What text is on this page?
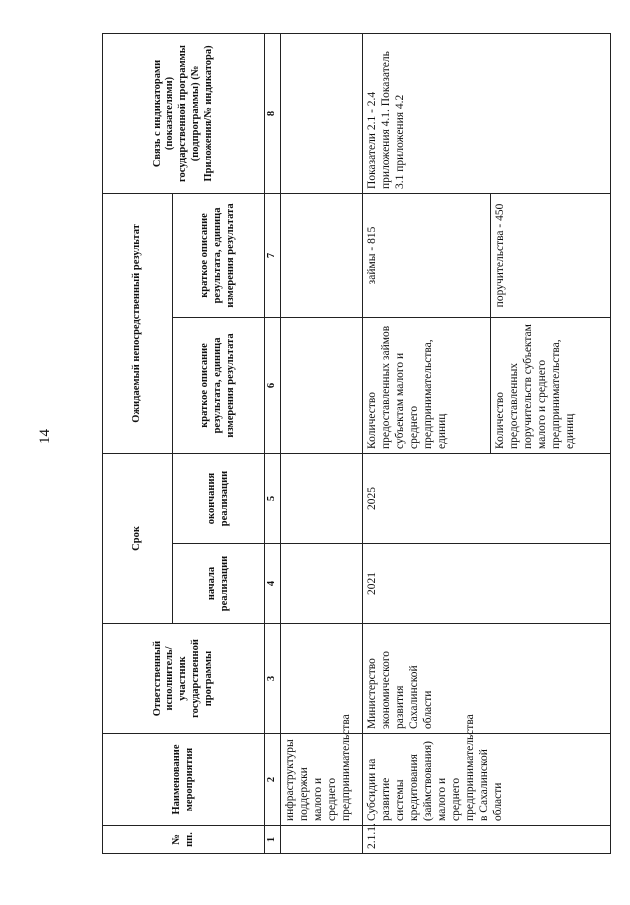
14
№ пп.	Наименование мероприятия	Ответственный исполнитель/участник государственной программы	Срок		Ожидаемый непосредственный результат		Связь с индикаторами (показателями) государственной программы (подпрограммы) (№ Приложения/№ индикатора)
			начала реализации	окончания реализации	краткое описание результата, единица измерения результата	краткое описание результата, единица измерения результата	
1	2	3	4	5	6	7	8
	инфраструктуры поддержки малого и среднего предпринимательства						
2.1.1.	Субсидии на развитие системы кредитования (займствования) малого и среднего предпринимательства в Сахалинской области	Министерство экономического развития Сахалинской области	2021	2025	Количество предоставленных займов субъектам малого и среднего предпринимательства, единиц	займы - 815	Показатели 2.1 - 2.4 приложения 4.1. Показатель 3.1 приложения 4.2
					Количество предоставленных поручительств субъектам малого и среднего предпринимательства, единиц	поручительства - 450	
